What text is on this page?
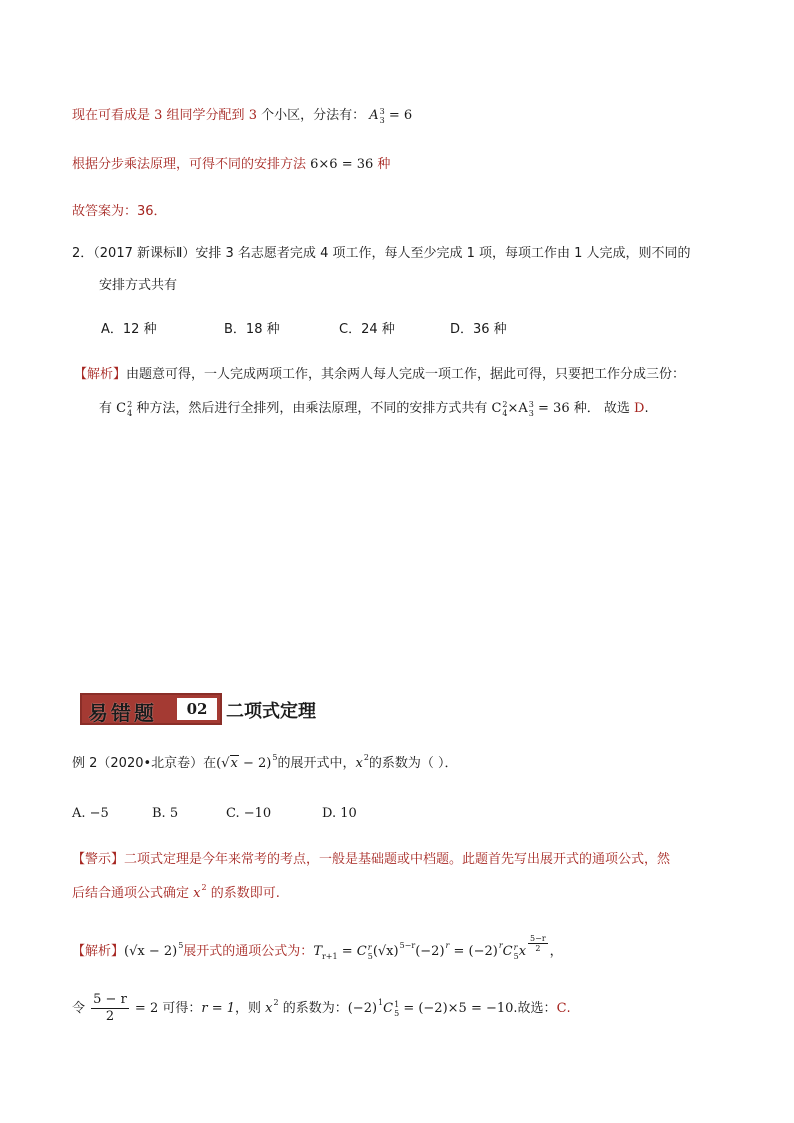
现在可看成是 3 组同学分配到 3 个小区，分法有： A 3
3 = 6
根据分步乘法原理，可得不同的安排方法 6×6 = 36 种
故答案为：36．
2．（2017 新课标Ⅱ）安排 3 名志愿者完成 4 项工作，每人至少完成 1 项，每项工作由 1 人完成，则不同的
安排方式共有
A．12 种	B．18 种	C．24 种	D．36 种
【解析】由题意可得，一人完成两项工作，其余两人每人完成一项工作，据此可得，只要把工作分成三份：
有 C 2
4 种方法，然后进行全排列，由乘法原理，不同的安排方式共有 C 2
4 ×A 3
3 = 36 种． 故选 D.
易错题	02	二项式定理
例 2（2020•北京卷）在$(√x - 2)^5$的展开式中，$x^2$的系数为（ ）．
A. −5	B. 5	C. −10	D. 10
【警示】二项式定理是今年来常考的考点，一般是基础题或中档题。此题首先写出展开式的通项公式，然
后结合通项公式确定 $x^2$ 的系数即可.
【解析】$(√x - 2)^5$展开式的通项公式为：$T_{r+1} = C$ r
5 $(√x)^{5-r}(-2)^r = (-2)^rC$ r
5 x $\frac{5-r}{2}$ ，
令 $\frac{5 - r}{2} = 2$ 可得：r = 1，则 $x^2$ 的系数为：$(-2)^1C$ 1
5 = (−2)×5 = −10.故选：C.
